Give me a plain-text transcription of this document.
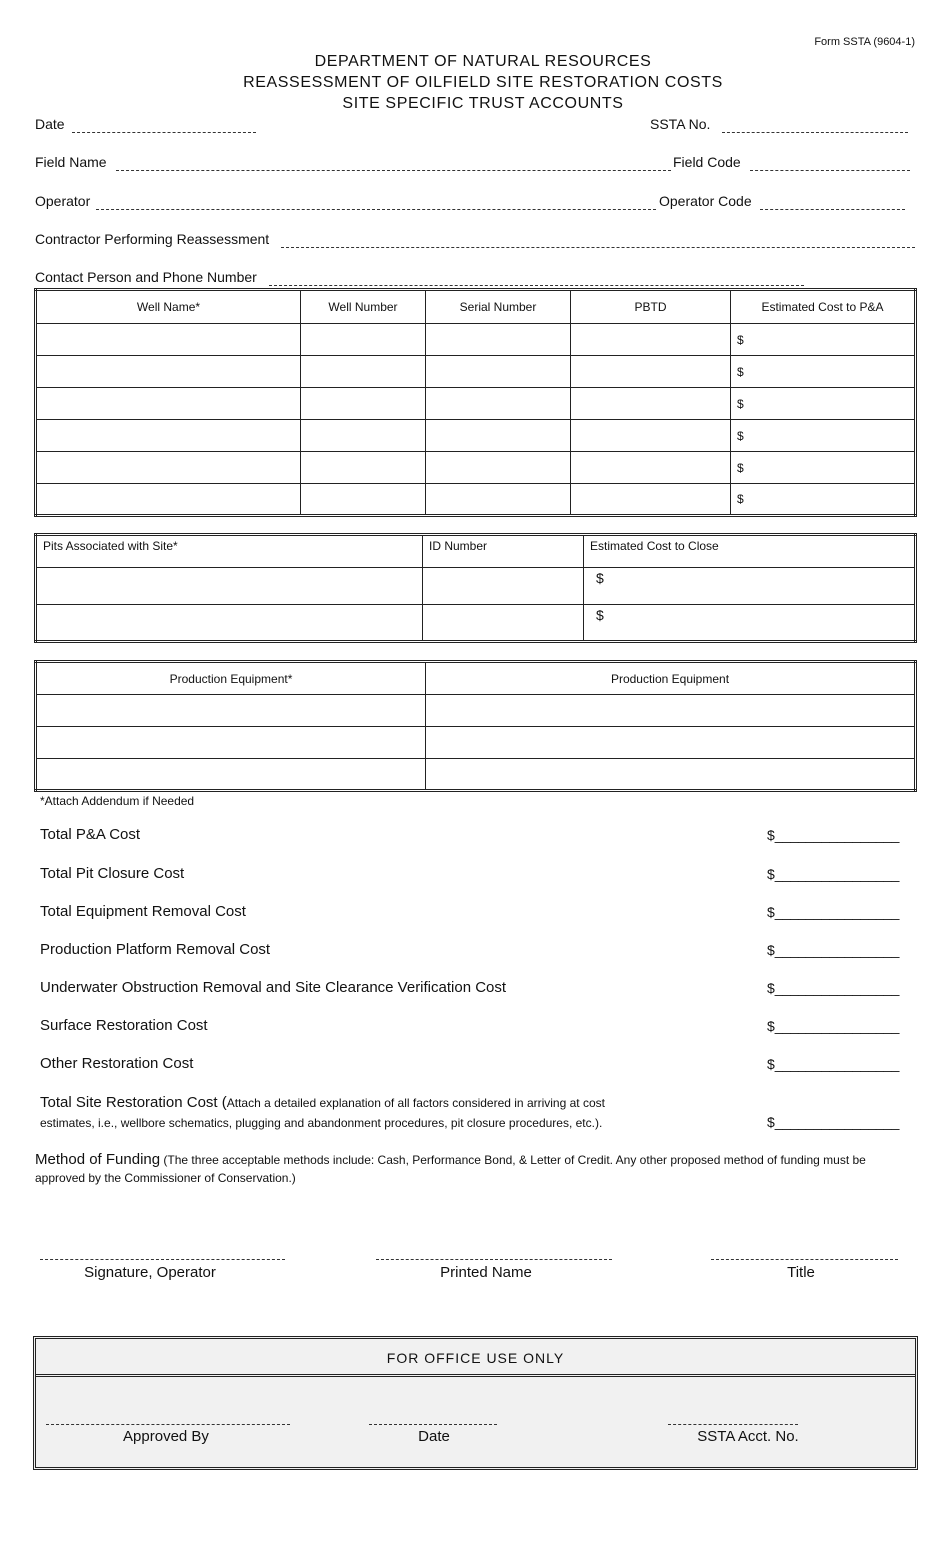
Form SSTA (9604-1)
DEPARTMENT OF NATURAL RESOURCES
REASSESSMENT OF OILFIELD SITE RESTORATION COSTS
SITE SPECIFIC TRUST ACCOUNTS
Date	SSTA No.
Field Name	Field Code
Operator	Operator Code
Contractor Performing Reassessment
Contact Person and Phone Number
Well Name*	Well Number	Serial Number	PBTD	Estimated Cost to P&A
				$
				$
				$
				$
				$
				$
Pits Associated with Site*	ID Number	Estimated Cost to Close
		$
		$
Production Equipment*	Production Equipment

*Attach Addendum if Needed
Total P&A Cost	$________________
Total Pit Closure Cost	$________________
Total Equipment Removal Cost	$________________
Production Platform Removal Cost	$________________
Underwater Obstruction Removal and Site Clearance Verification Cost	$________________
Surface Restoration Cost	$________________
Other Restoration Cost	$________________
Total Site Restoration Cost (Attach a detailed explanation of all factors considered in arriving at cost
estimates, i.e., wellbore schematics, plugging and abandonment procedures, pit closure procedures, etc.).	$________________
Method of Funding (The three acceptable methods include: Cash, Performance Bond, & Letter of Credit. Any other proposed method of funding must be
approved by the Commissioner of Conservation.)
Signature, Operator	Printed Name	Title
FOR OFFICE USE ONLY
Approved By	Date	SSTA Acct. No.
